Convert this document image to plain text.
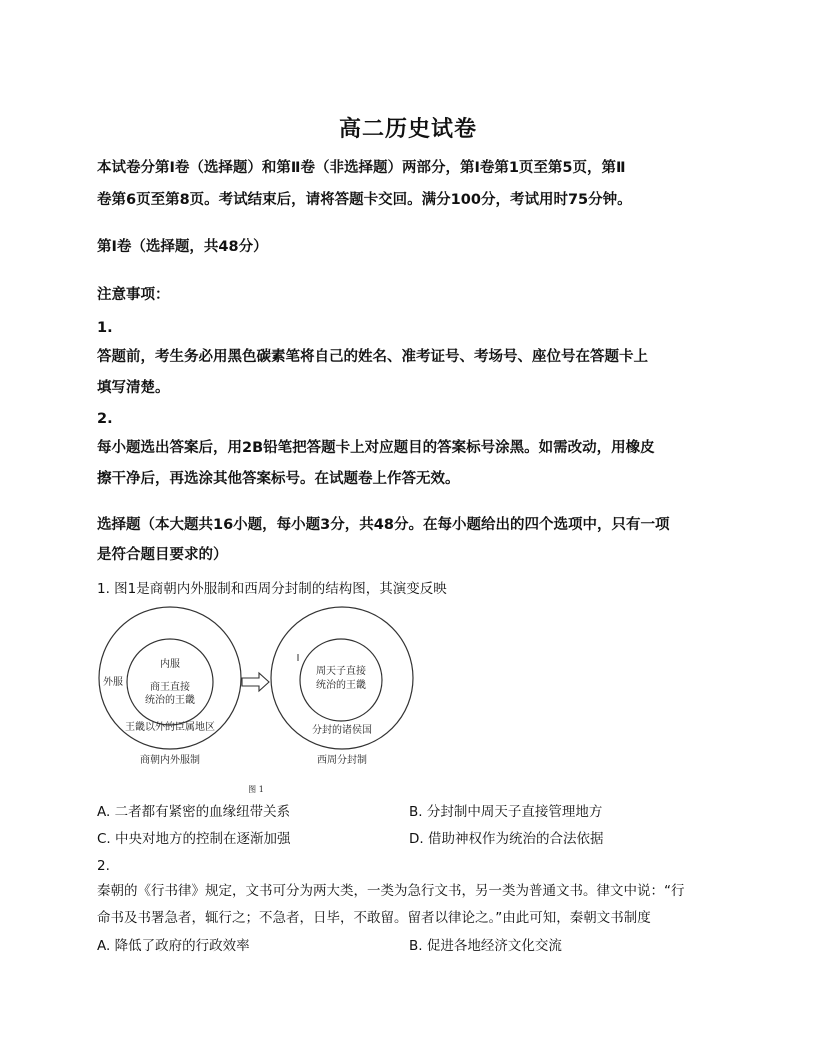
高二历史试卷
本试卷分第Ⅰ卷（选择题）和第Ⅱ卷（非选择题）两部分，第Ⅰ卷第1页至第5页，第Ⅱ
卷第6页至第8页。考试结束后，请将答题卡交回。满分100分，考试用时75分钟。
第Ⅰ卷（选择题，共48分）
注意事项：
1.
答题前，考生务必用黑色碳素笔将自己的姓名、准考证号、考场号、座位号在答题卡上
填写清楚。
2.
每小题选出答案后，用2B铅笔把答题卡上对应题目的答案标号涂黑。如需改动，用橡皮
擦干净后，再选涂其他答案标号。在试题卷上作答无效。
选择题（本大题共16小题，每小题3分，共48分。在每小题给出的四个选项中，只有一项
是符合题目要求的）
1. 图1是商朝内外服制和西周分封制的结构图，其演变反映
内服
商王直接
统治的王畿
外服
王畿以外的臣属地区
商朝内外服制
周天子直接
统治的王畿
分封的诸侯国
西周分封制
图 1
A. 二者都有紧密的血缘纽带关系	B. 分封制中周天子直接管理地方
C. 中央对地方的控制在逐渐加强	D. 借助神权作为统治的合法依据
2.
秦朝的《行书律》规定，文书可分为两大类，一类为急行文书，另一类为普通文书。律文中说：“行
命书及书署急者，辄行之；不急者，日毕，不敢留。留者以律论之。”由此可知，秦朝文书制度
A. 降低了政府的行政效率	B. 促进各地经济文化交流
